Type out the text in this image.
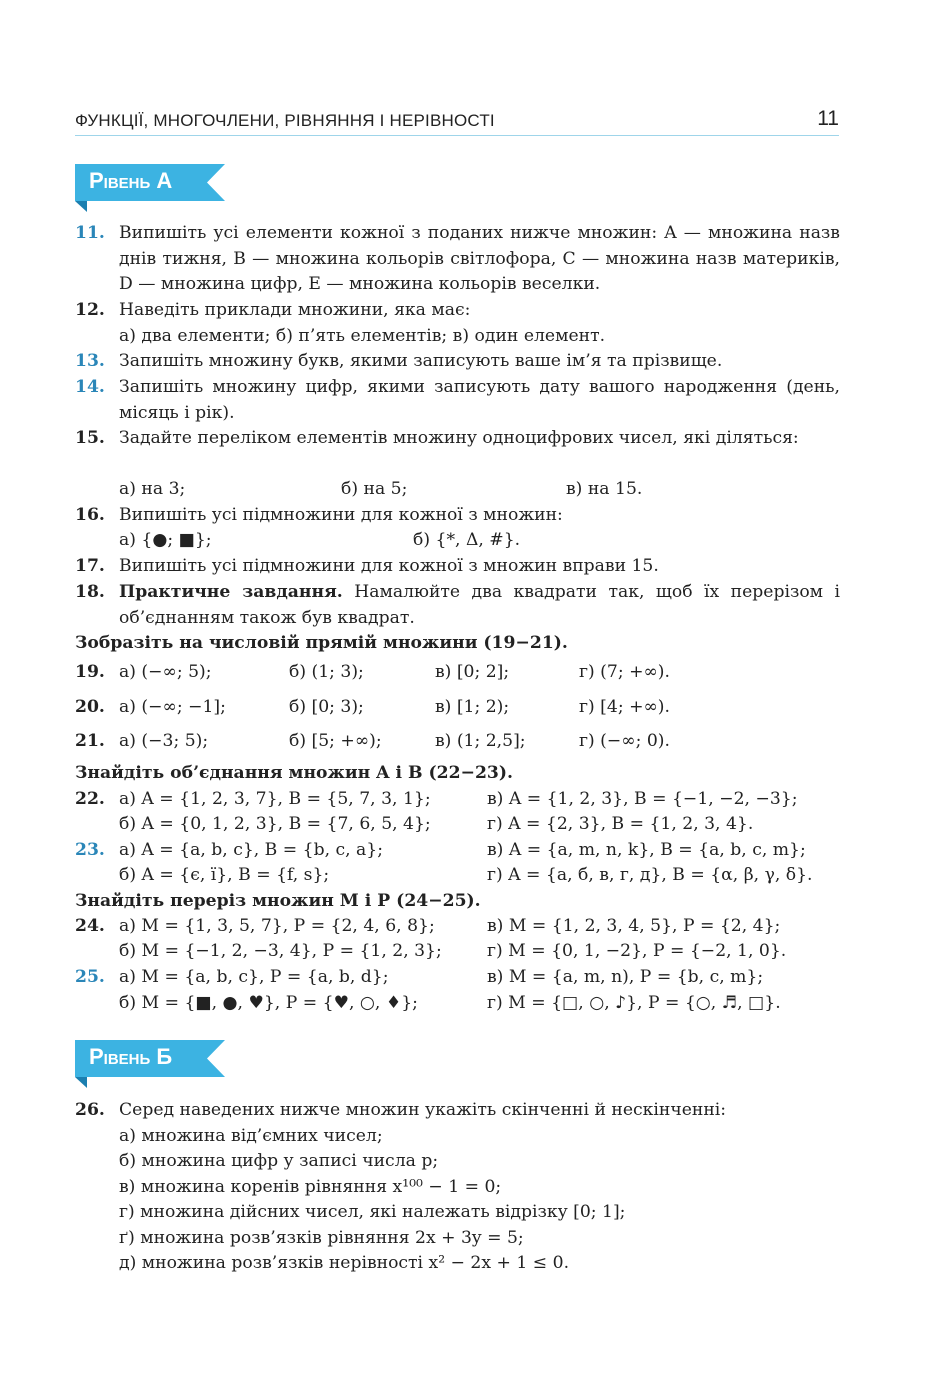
ФУНКЦІЇ, МНОГОЧЛЕНИ, РІВНЯННЯ І НЕРІВНОСТІ	11
Рівень А
11. Випишіть усі елементи кожної з поданих нижче множин: A — множина назв днів тижня, B — множина кольорів світлофора, C — множина назв материків, D — множина цифр, E — множина кольорів веселки.
12. Наведіть приклади множини, яка має:
а) два елементи; б) п’ять елементів; в) один елемент.
13. Запишіть множину букв, якими записують ваше ім’я та прізвище.
14. Запишіть множину цифр, якими записують дату вашого народження (день, місяць і рік).
15. Задайте переліком елементів множину одноцифрових чисел, які діляться:
а) на 3;	б) на 5;	в) на 15.
16. Випишіть усі підмножини для кожної з множин:
а) {●; ■};	б) {*, Δ, #}.
17. Випишіть усі підмножини для кожної з множин вправи 15.
18. Практичне завдання. Намалюйте два квадрати так, щоб їх перерізом і об’єднанням також був квадрат.
Зобразіть на числовій прямій множини (19−21).
19. а) (−∞; 5);	б) (1; 3);	в) [0; 2];	г) (7; +∞).
20. а) (−∞; −1];	б) [0; 3);	в) [1; 2);	г) [4; +∞).
21. а) (−3; 5);	б) [5; +∞);	в) (1; 2,5];	г) (−∞; 0).
Знайдіть об’єднання множин A і B (22−23).
22. а) A = {1, 2, 3, 7}, B = {5, 7, 3, 1};	в) A = {1, 2, 3}, B = {−1, −2, −3};
б) A = {0, 1, 2, 3}, B = {7, 6, 5, 4};	г) A = {2, 3}, B = {1, 2, 3, 4}.
23. а) A = {a, b, c}, B = {b, c, a};	в) A = {a, m, n, k}, B = {a, b, c, m};
б) A = {є, ї}, B = {f, s};	г) A = {а, б, в, г, д}, B = {α, β, γ, δ}.
Знайдіть переріз множин M і P (24−25).
24. а) M = {1, 3, 5, 7}, P = {2, 4, 6, 8};	в) M = {1, 2, 3, 4, 5}, P = {2, 4};
б) M = {−1, 2, −3, 4}, P = {1, 2, 3};	г) M = {0, 1, −2}, P = {−2, 1, 0}.
25. а) M = {a, b, c}, P = {a, b, d};	в) M = {a, m, n), P = {b, c, m};
б) M = {■, ●, ♥}, P = {♥, ○, ♦};	г) M = {□, ○, ♪}, P = {○, ♬, □}.
Рівень Б
26. Серед наведених нижче множин укажіть скінченні й нескінченні:
а) множина від’ємних чисел;
б) множина цифр у записі числа p;
в) множина коренів рівняння x¹⁰⁰ − 1 = 0;
г) множина дійсних чисел, які належать відрізку [0; 1];
ґ) множина розв’язків рівняння 2x + 3y = 5;
д) множина розв’язків нерівності x² − 2x + 1 ≤ 0.
